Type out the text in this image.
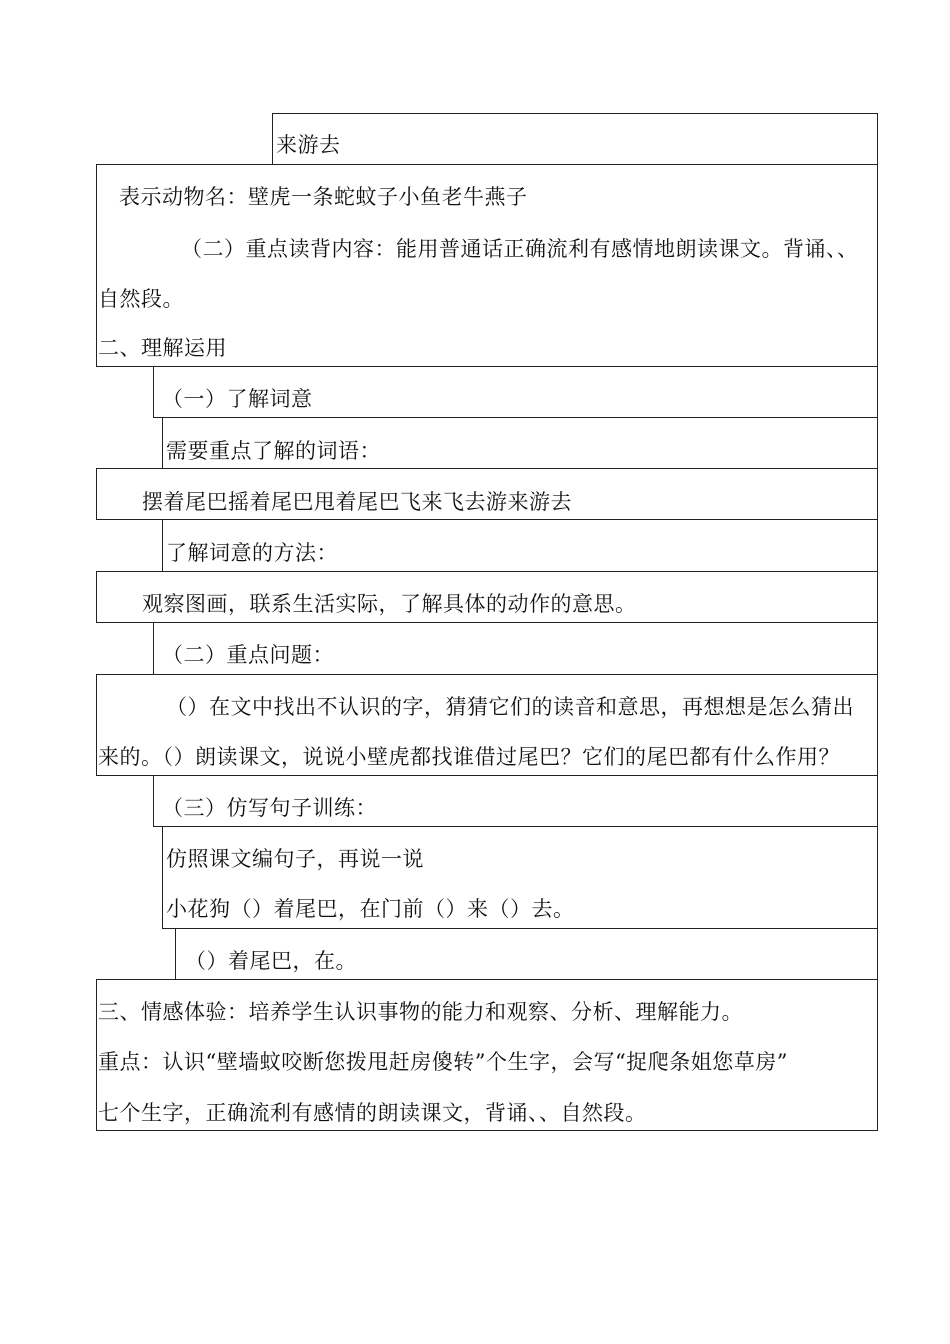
来游去
表示动物名：壁虎一条蛇蚊子小鱼老牛燕子
（二）重点读背内容：能用普通话正确流利有感情地朗读课文。背诵、、
自然段。
二、理解运用
（一）了解词意
需要重点了解的词语：
摆着尾巴摇着尾巴甩着尾巴飞来飞去游来游去
了解词意的方法：
观察图画，联系生活实际，了解具体的动作的意思。
（二）重点问题：
（）在文中找出不认识的字，猜猜它们的读音和意思，再想想是怎么猜出
来的。（）朗读课文，说说小壁虎都找谁借过尾巴？它们的尾巴都有什么作用？
（三）仿写句子训练：
仿照课文编句子，再说一说
小花狗（）着尾巴，在门前（）来（）去。
（）着尾巴，在。
三、情感体验：培养学生认识事物的能力和观察、分析、理解能力。
重点：认识“壁墙蚊咬断您拨甩赶房傻转”个生字，会写“捉爬条姐您草房”
七个生字，正确流利有感情的朗读课文，背诵、、自然段。
